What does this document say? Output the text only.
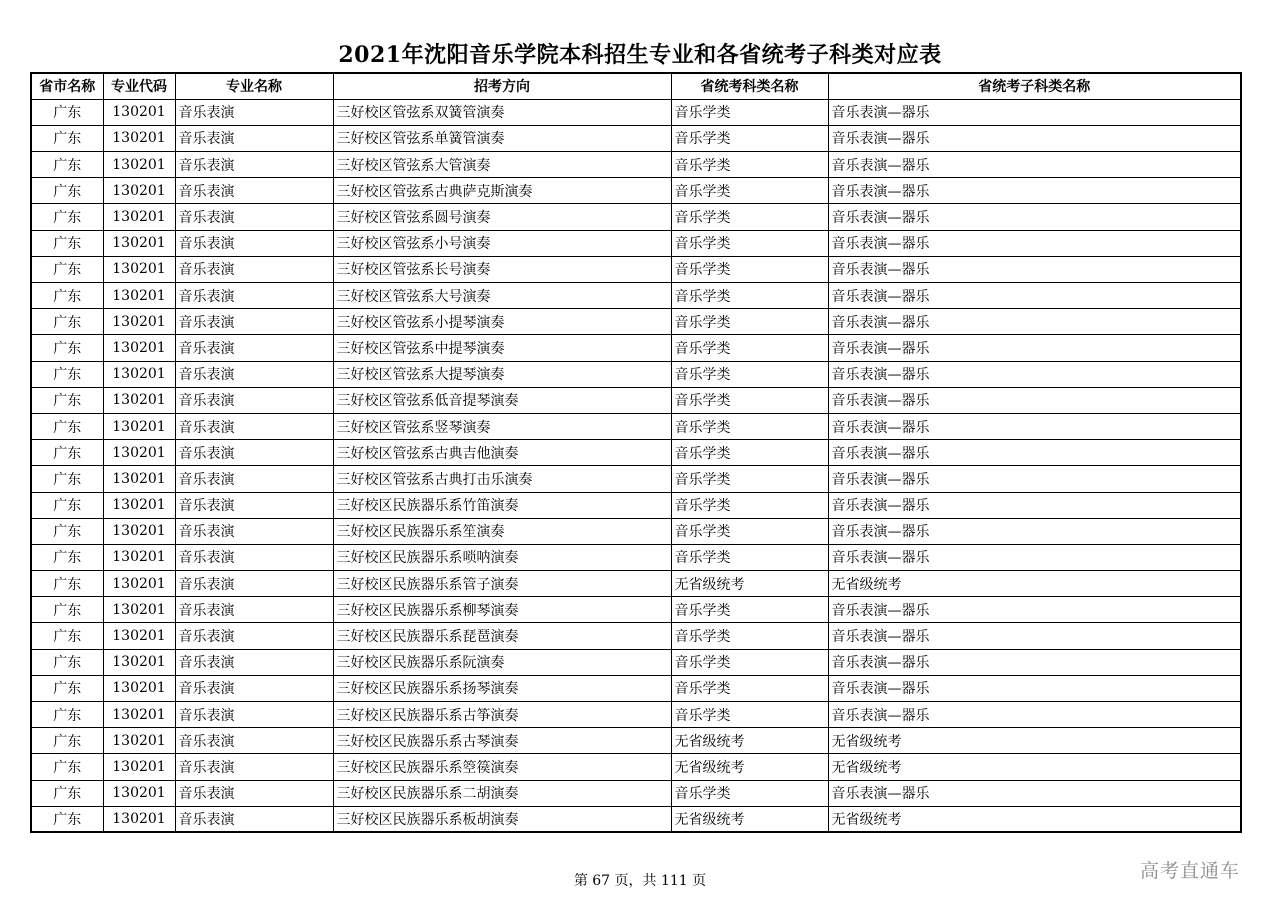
2021年沈阳音乐学院本科招生专业和各省统考子科类对应表
省市名称	专业代码	专业名称	招考方向	省统考科类名称	省统考子科类名称
广东	130201	音乐表演	三好校区管弦系双簧管演奏	音乐学类	音乐表演—器乐
广东	130201	音乐表演	三好校区管弦系单簧管演奏	音乐学类	音乐表演—器乐
广东	130201	音乐表演	三好校区管弦系大管演奏	音乐学类	音乐表演—器乐
广东	130201	音乐表演	三好校区管弦系古典萨克斯演奏	音乐学类	音乐表演—器乐
广东	130201	音乐表演	三好校区管弦系圆号演奏	音乐学类	音乐表演—器乐
广东	130201	音乐表演	三好校区管弦系小号演奏	音乐学类	音乐表演—器乐
广东	130201	音乐表演	三好校区管弦系长号演奏	音乐学类	音乐表演—器乐
广东	130201	音乐表演	三好校区管弦系大号演奏	音乐学类	音乐表演—器乐
广东	130201	音乐表演	三好校区管弦系小提琴演奏	音乐学类	音乐表演—器乐
广东	130201	音乐表演	三好校区管弦系中提琴演奏	音乐学类	音乐表演—器乐
广东	130201	音乐表演	三好校区管弦系大提琴演奏	音乐学类	音乐表演—器乐
广东	130201	音乐表演	三好校区管弦系低音提琴演奏	音乐学类	音乐表演—器乐
广东	130201	音乐表演	三好校区管弦系竖琴演奏	音乐学类	音乐表演—器乐
广东	130201	音乐表演	三好校区管弦系古典吉他演奏	音乐学类	音乐表演—器乐
广东	130201	音乐表演	三好校区管弦系古典打击乐演奏	音乐学类	音乐表演—器乐
广东	130201	音乐表演	三好校区民族器乐系竹笛演奏	音乐学类	音乐表演—器乐
广东	130201	音乐表演	三好校区民族器乐系笙演奏	音乐学类	音乐表演—器乐
广东	130201	音乐表演	三好校区民族器乐系唢呐演奏	音乐学类	音乐表演—器乐
广东	130201	音乐表演	三好校区民族器乐系管子演奏	无省级统考	无省级统考
广东	130201	音乐表演	三好校区民族器乐系柳琴演奏	音乐学类	音乐表演—器乐
广东	130201	音乐表演	三好校区民族器乐系琵琶演奏	音乐学类	音乐表演—器乐
广东	130201	音乐表演	三好校区民族器乐系阮演奏	音乐学类	音乐表演—器乐
广东	130201	音乐表演	三好校区民族器乐系扬琴演奏	音乐学类	音乐表演—器乐
广东	130201	音乐表演	三好校区民族器乐系古筝演奏	音乐学类	音乐表演—器乐
广东	130201	音乐表演	三好校区民族器乐系古琴演奏	无省级统考	无省级统考
广东	130201	音乐表演	三好校区民族器乐系箜篌演奏	无省级统考	无省级统考
广东	130201	音乐表演	三好校区民族器乐系二胡演奏	音乐学类	音乐表演—器乐
广东	130201	音乐表演	三好校区民族器乐系板胡演奏	无省级统考	无省级统考
第 67 页，共 111 页	高考直通车
